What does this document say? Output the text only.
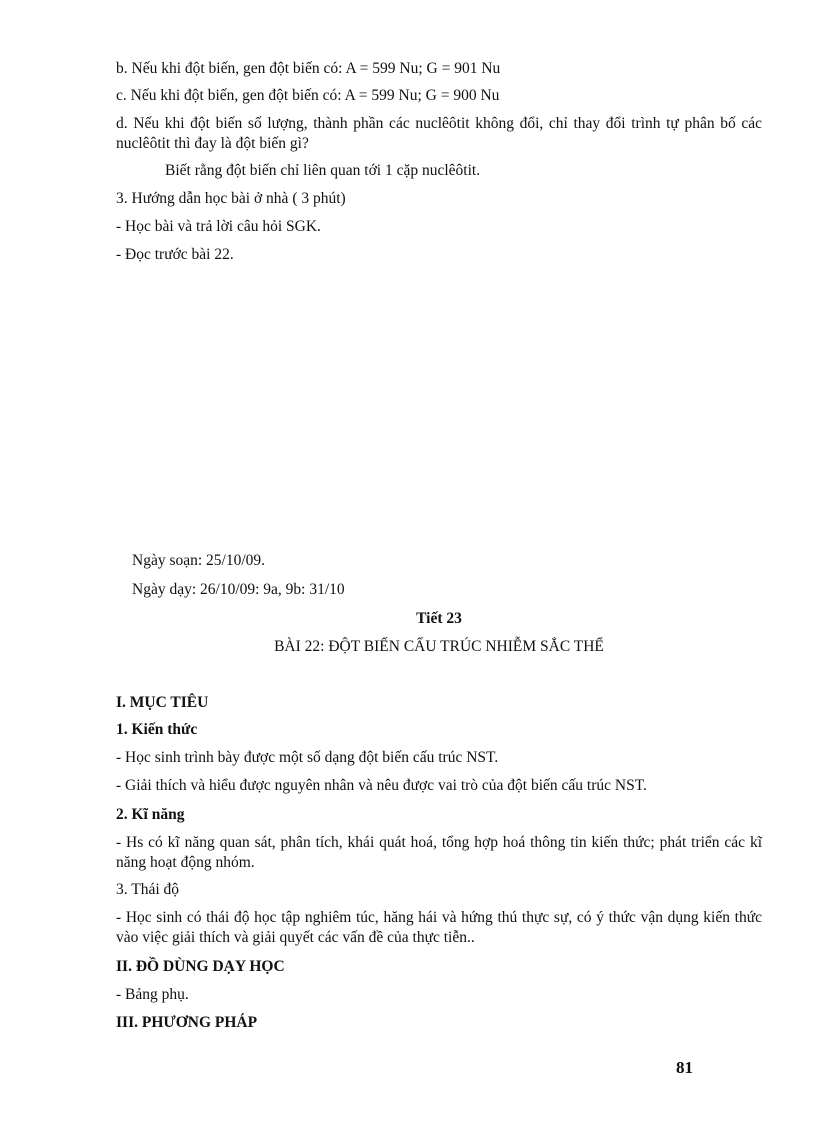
b. Nếu khi đột biến, gen đột biến có: A = 599 Nu; G = 901 Nu

c. Nếu khi đột biến, gen đột biến có: A = 599 Nu; G = 900 Nu

d. Nếu khi đột biến số lượng, thành phần các nuclêôtit không đổi, chỉ thay đổi trình tự phân bố các nuclêôtit thì đay là đột biến gì?

Biết rằng đột biến chỉ liên quan tới 1 cặp nuclêôtit.

3. Hướng dẫn học bài ở nhà ( 3 phút)

- Học bài và trả lời câu hỏi SGK.

- Đọc trước bài 22.

Ngày soạn: 25/10/09.

Ngày dạy: 26/10/09: 9a, 9b: 31/10

Tiết 23

BÀI 22: ĐỘT BIẾN CẤU TRÚC NHIỄM SẮC THỂ

I. MỤC TIÊU

1. Kiến thức

- Học sinh trình bày được một số dạng đột biến cấu trúc NST.

- Giải thích và hiểu được nguyên nhân và nêu được vai trò của đột biến cấu trúc NST.

2. Kĩ năng

- Hs có kĩ năng quan sát, phân tích, khái quát hoá, tổng hợp hoá thông tin kiến thức; phát triển các kĩ năng hoạt động nhóm.

3. Thái độ

- Học sinh có thái độ học tập nghiêm túc, hăng hái và hứng thú thực sự, có ý thức vận dụng kiến thức vào việc giải thích và giải quyết các vấn đề của thực tiễn..

II. ĐỒ DÙNG DẠY HỌC

- Bảng phụ.

III. PHƯƠNG PHÁP

81
